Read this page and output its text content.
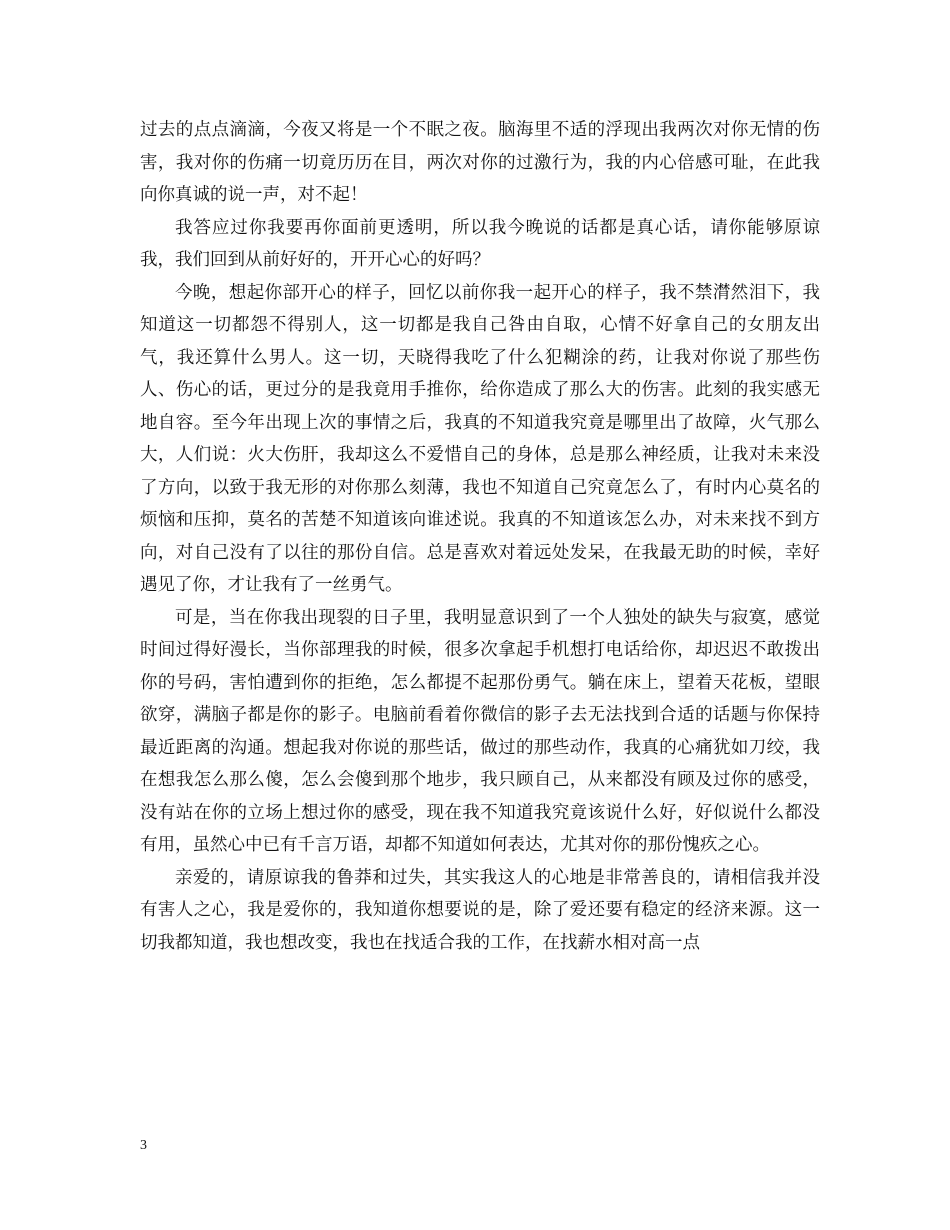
过去的点点滴滴，今夜又将是一个不眠之夜。脑海里不适的浮现出我两次对你无情的伤害，我对你的伤痛一切竟历历在目，两次对你的过激行为，我的内心倍感可耻，在此我向你真诚的说一声，对不起！

我答应过你我要再你面前更透明，所以我今晚说的话都是真心话，请你能够原谅我，我们回到从前好好的，开开心心的好吗？

今晚，想起你部开心的样子，回忆以前你我一起开心的样子，我不禁潸然泪下，我知道这一切都怨不得别人，这一切都是我自己咎由自取，心情不好拿自己的女朋友出气，我还算什么男人。这一切，天晓得我吃了什么犯糊涂的药，让我对你说了那些伤人、伤心的话，更过分的是我竟用手推你，给你造成了那么大的伤害。此刻的我实感无地自容。至今年出现上次的事情之后，我真的不知道我究竟是哪里出了故障，火气那么大，人们说：火大伤肝，我却这么不爱惜自己的身体，总是那么神经质，让我对未来没了方向，以致于我无形的对你那么刻薄，我也不知道自己究竟怎么了，有时内心莫名的烦恼和压抑，莫名的苦楚不知道该向谁述说。我真的不知道该怎么办，对未来找不到方向，对自己没有了以往的那份自信。总是喜欢对着远处发呆，在我最无助的时候，幸好遇见了你，才让我有了一丝勇气。

可是，当在你我出现裂的日子里，我明显意识到了一个人独处的缺失与寂寞，感觉时间过得好漫长，当你部理我的时候，很多次拿起手机想打电话给你，却迟迟不敢拨出你的号码，害怕遭到你的拒绝，怎么都提不起那份勇气。躺在床上，望着天花板，望眼欲穿，满脑子都是你的影子。电脑前看着你微信的影子去无法找到合适的话题与你保持最近距离的沟通。想起我对你说的那些话，做过的那些动作，我真的心痛犹如刀绞，我在想我怎么那么傻，怎么会傻到那个地步，我只顾自己，从来都没有顾及过你的感受，没有站在你的立场上想过你的感受，现在我不知道我究竟该说什么好，好似说什么都没有用，虽然心中已有千言万语，却都不知道如何表达，尤其对你的那份愧疚之心。

亲爱的，请原谅我的鲁莽和过失，其实我这人的心地是非常善良的，请相信我并没有害人之心，我是爱你的，我知道你想要说的是，除了爱还要有稳定的经济来源。这一切我都知道，我也想改变，我也在找适合我的工作，在找薪水相对高一点

3
